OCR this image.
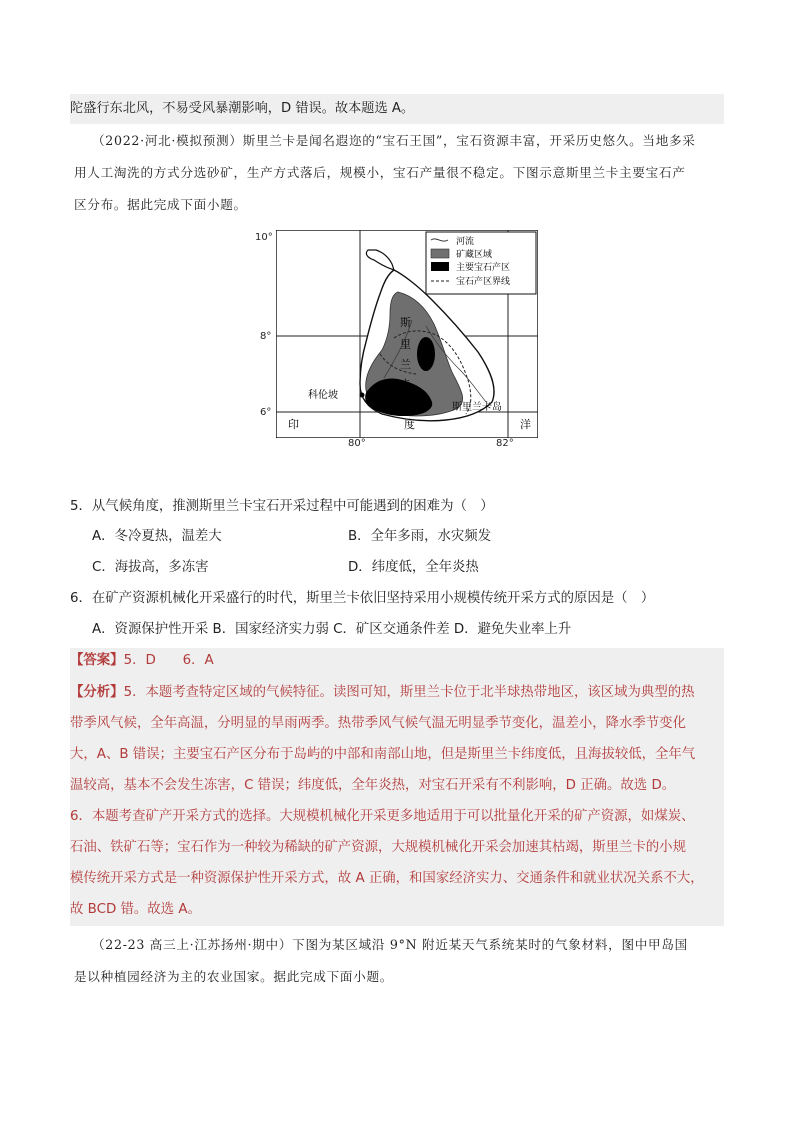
陀盛行东北风，不易受风暴潮影响，D 错误。故本题选 A。
（2022·河北·模拟预测）斯里兰卡是闻名遐迩的“宝石王国”，宝石资源丰富，开采历史悠久。当地多采
用人工淘洗的方式分选砂矿，生产方式落后，规模小，宝石产量很不稳定。下图示意斯里兰卡主要宝石产
区分布。据此完成下面小题。
河流
矿藏区域
主要宝石产区
宝石产区界线
斯
里
兰
卡
科伦坡
斯里兰卡岛
印	度	洋
10°
8°
6°
80°	82°
5．从气候角度，推测斯里兰卡宝石开采过程中可能遇到的困难为（　）
A．冬冷夏热，温差大	B．全年多雨，水灾频发
C．海拔高，多冻害	D．纬度低，全年炎热
6．在矿产资源机械化开采盛行的时代，斯里兰卡依旧坚持采用小规模传统开采方式的原因是（　）
A．资源保护性开采 B．国家经济实力弱 C．矿区交通条件差 D．避免失业率上升
【答案】5．D　　6．A
【分析】5．本题考查特定区域的气候特征。读图可知，斯里兰卡位于北半球热带地区，该区域为典型的热
带季风气候，全年高温，分明显的旱雨两季。热带季风气候气温无明显季节变化，温差小，降水季节变化
大，A、B 错误；主要宝石产区分布于岛屿的中部和南部山地，但是斯里兰卡纬度低，且海拔较低，全年气
温较高，基本不会发生冻害，C 错误；纬度低，全年炎热，对宝石开采有不利影响，D 正确。故选 D。
6．本题考查矿产开采方式的选择。大规模机械化开采更多地适用于可以批量化开采的矿产资源，如煤炭、
石油、铁矿石等；宝石作为一种较为稀缺的矿产资源，大规模机械化开采会加速其枯竭，斯里兰卡的小规
模传统开采方式是一种资源保护性开采方式，故 A 正确，和国家经济实力、交通条件和就业状况关系不大，
故 BCD 错。故选 A。
（22-23 高三上·江苏扬州·期中）下图为某区域沿 9°N 附近某天气系统某时的气象材料，图中甲岛国
是以种植园经济为主的农业国家。据此完成下面小题。
